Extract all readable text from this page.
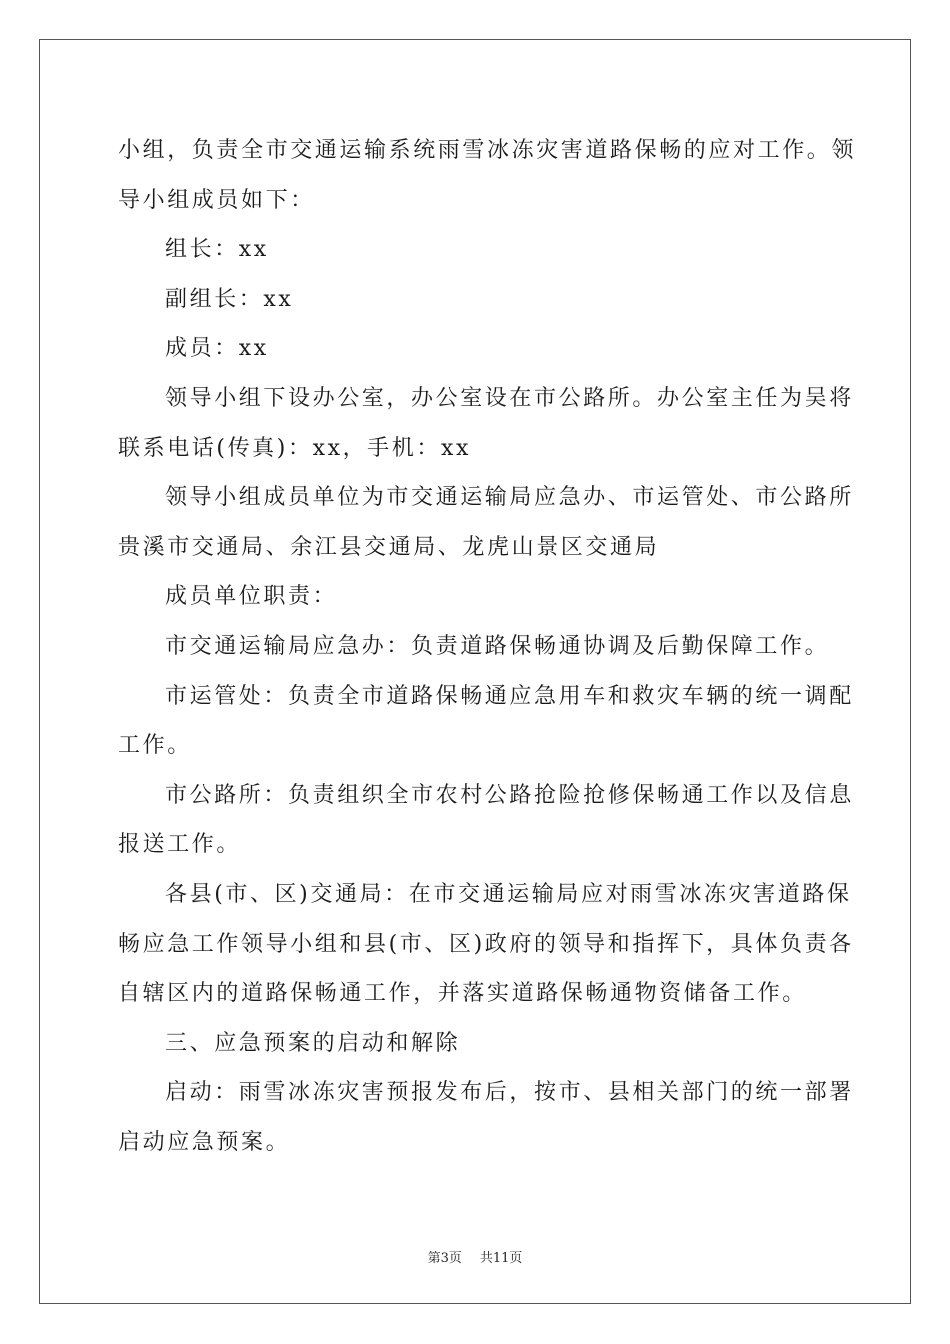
小组，负责全市交通运输系统雨雪冰冻灾害道路保畅的应对工作。领
导小组成员如下：
组长：xx
副组长：xx
成员：xx
领导小组下设办公室，办公室设在市公路所。办公室主任为吴将
联系电话(传真)：xx，手机：xx
领导小组成员单位为市交通运输局应急办、市运管处、市公路所
贵溪市交通局、余江县交通局、龙虎山景区交通局
成员单位职责：
市交通运输局应急办：负责道路保畅通协调及后勤保障工作。
市运管处：负责全市道路保畅通应急用车和救灾车辆的统一调配
工作。
市公路所：负责组织全市农村公路抢险抢修保畅通工作以及信息
报送工作。
各县(市、区)交通局：在市交通运输局应对雨雪冰冻灾害道路保
畅应急工作领导小组和县(市、区)政府的领导和指挥下，具体负责各
自辖区内的道路保畅通工作，并落实道路保畅通物资储备工作。
三、应急预案的启动和解除
启动：雨雪冰冻灾害预报发布后，按市、县相关部门的统一部署
启动应急预案。
第3页 共11页
